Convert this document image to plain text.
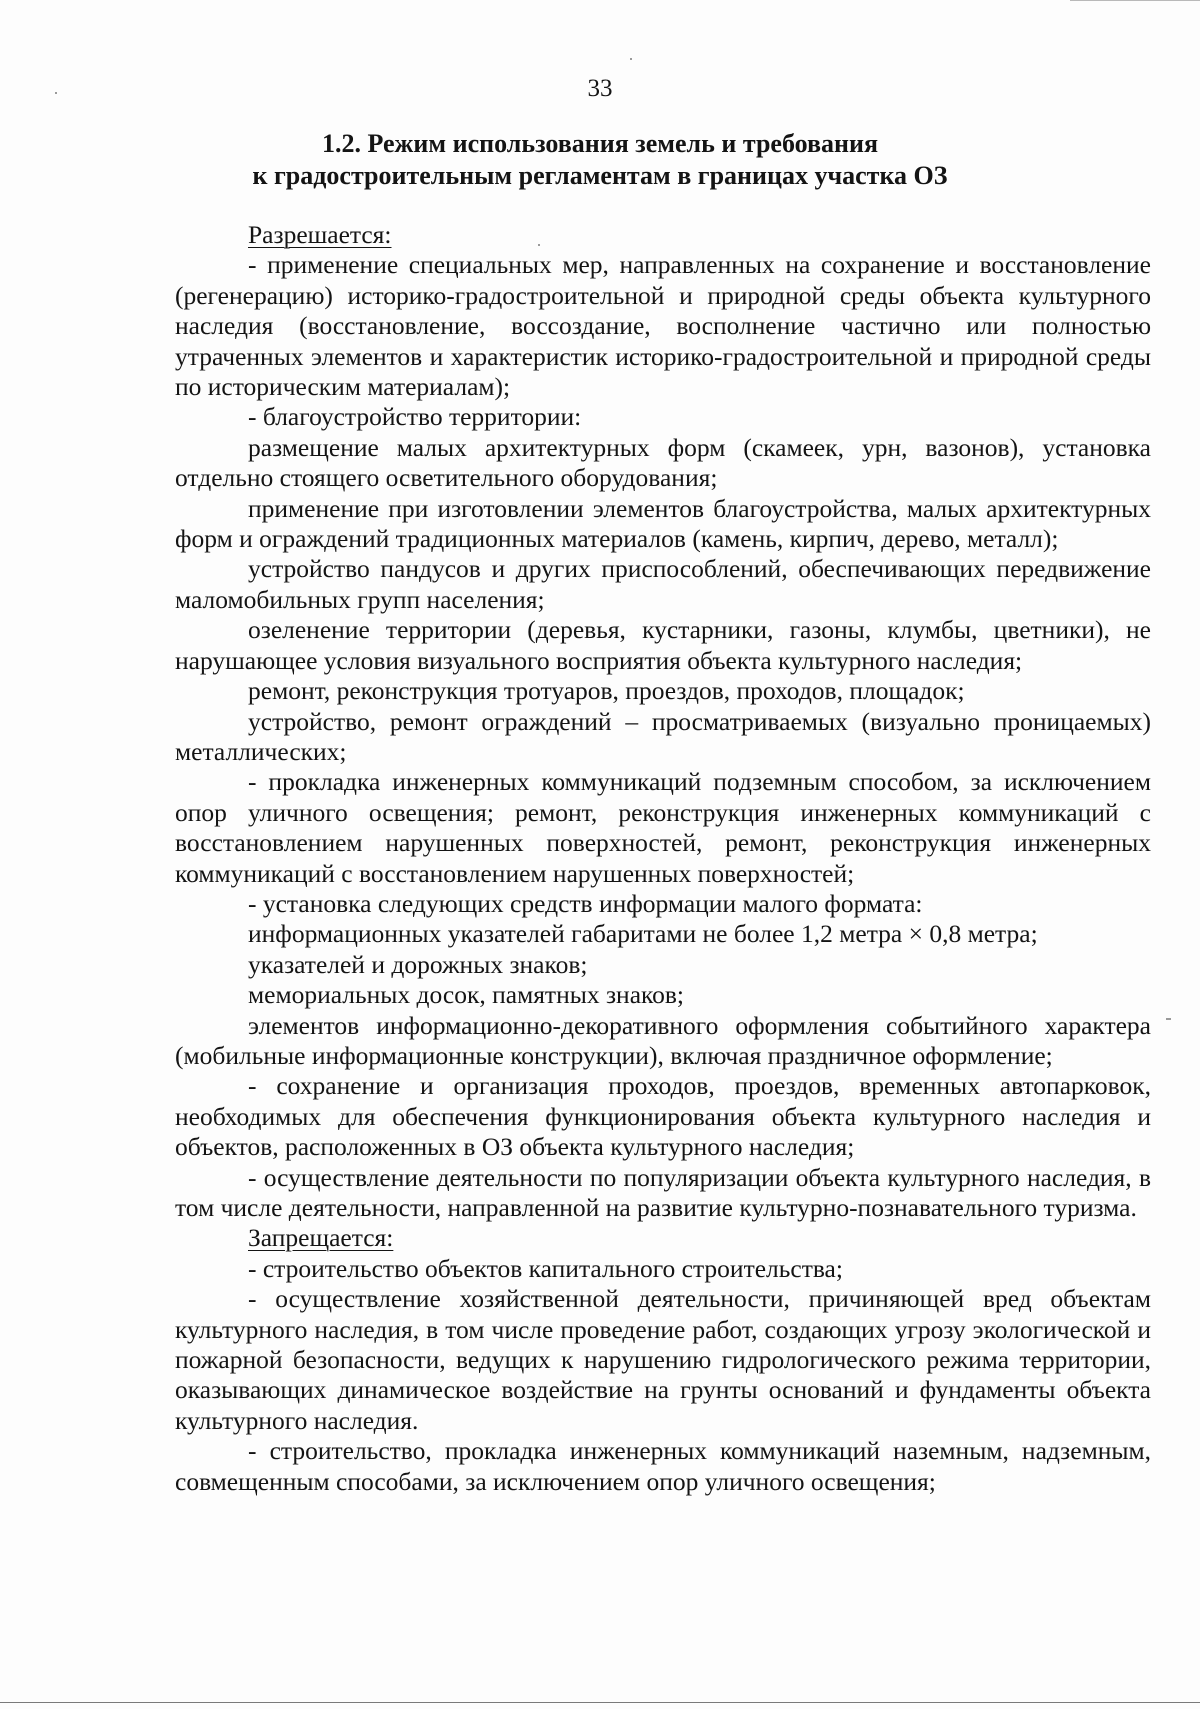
33
1.2. Режим использования земель и требования
к градостроительным регламентам в границах участка ОЗ

Разрешается:

- применение специальных мер, направленных на сохранение и восстановление (регенерацию) историко-градостроительной и природной среды объекта культурного наследия (восстановление, воссоздание, восполнение частично или полностью утраченных элементов и характеристик историко-градостроительной и природной среды по историческим материалам);

- благоустройство территории:

размещение малых архитектурных форм (скамеек, урн, вазонов), установка отдельно стоящего осветительного оборудования;

применение при изготовлении элементов благоустройства, малых архитектурных форм и ограждений традиционных материалов (камень, кирпич, дерево, металл);

устройство пандусов и других приспособлений, обеспечивающих передвижение маломобильных групп населения;

озеленение территории (деревья, кустарники, газоны, клумбы, цветники), не нарушающее условия визуального восприятия объекта культурного наследия;

ремонт, реконструкция тротуаров, проездов, проходов, площадок;

устройство, ремонт ограждений – просматриваемых (визуально проницаемых) металлических;

- прокладка инженерных коммуникаций подземным способом, за исключением опор уличного освещения; ремонт, реконструкция инженерных коммуникаций с восстановлением нарушенных поверхностей, ремонт, реконструкция инженерных коммуникаций с восстановлением нарушенных поверхностей;

- установка следующих средств информации малого формата:

информационных указателей габаритами не более 1,2 метра × 0,8 метра;

указателей и дорожных знаков;

мемориальных досок, памятных знаков;

элементов информационно-декоративного оформления событийного характера (мобильные информационные конструкции), включая праздничное оформление;

- сохранение и организация проходов, проездов, временных автопарковок, необходимых для обеспечения функционирования объекта культурного наследия и объектов, расположенных в ОЗ объекта культурного наследия;

- осуществление деятельности по популяризации объекта культурного наследия, в том числе деятельности, направленной на развитие культурно-познавательного туризма.

Запрещается:

- строительство объектов капитального строительства;

- осуществление хозяйственной деятельности, причиняющей вред объектам культурного наследия, в том числе проведение работ, создающих угрозу экологической и пожарной безопасности, ведущих к нарушению гидрологического режима территории, оказывающих динамическое воздействие на грунты оснований и фундаменты объекта культурного наследия.

- строительство, прокладка инженерных коммуникаций наземным, надземным, совмещенным способами, за исключением опор уличного освещения;
